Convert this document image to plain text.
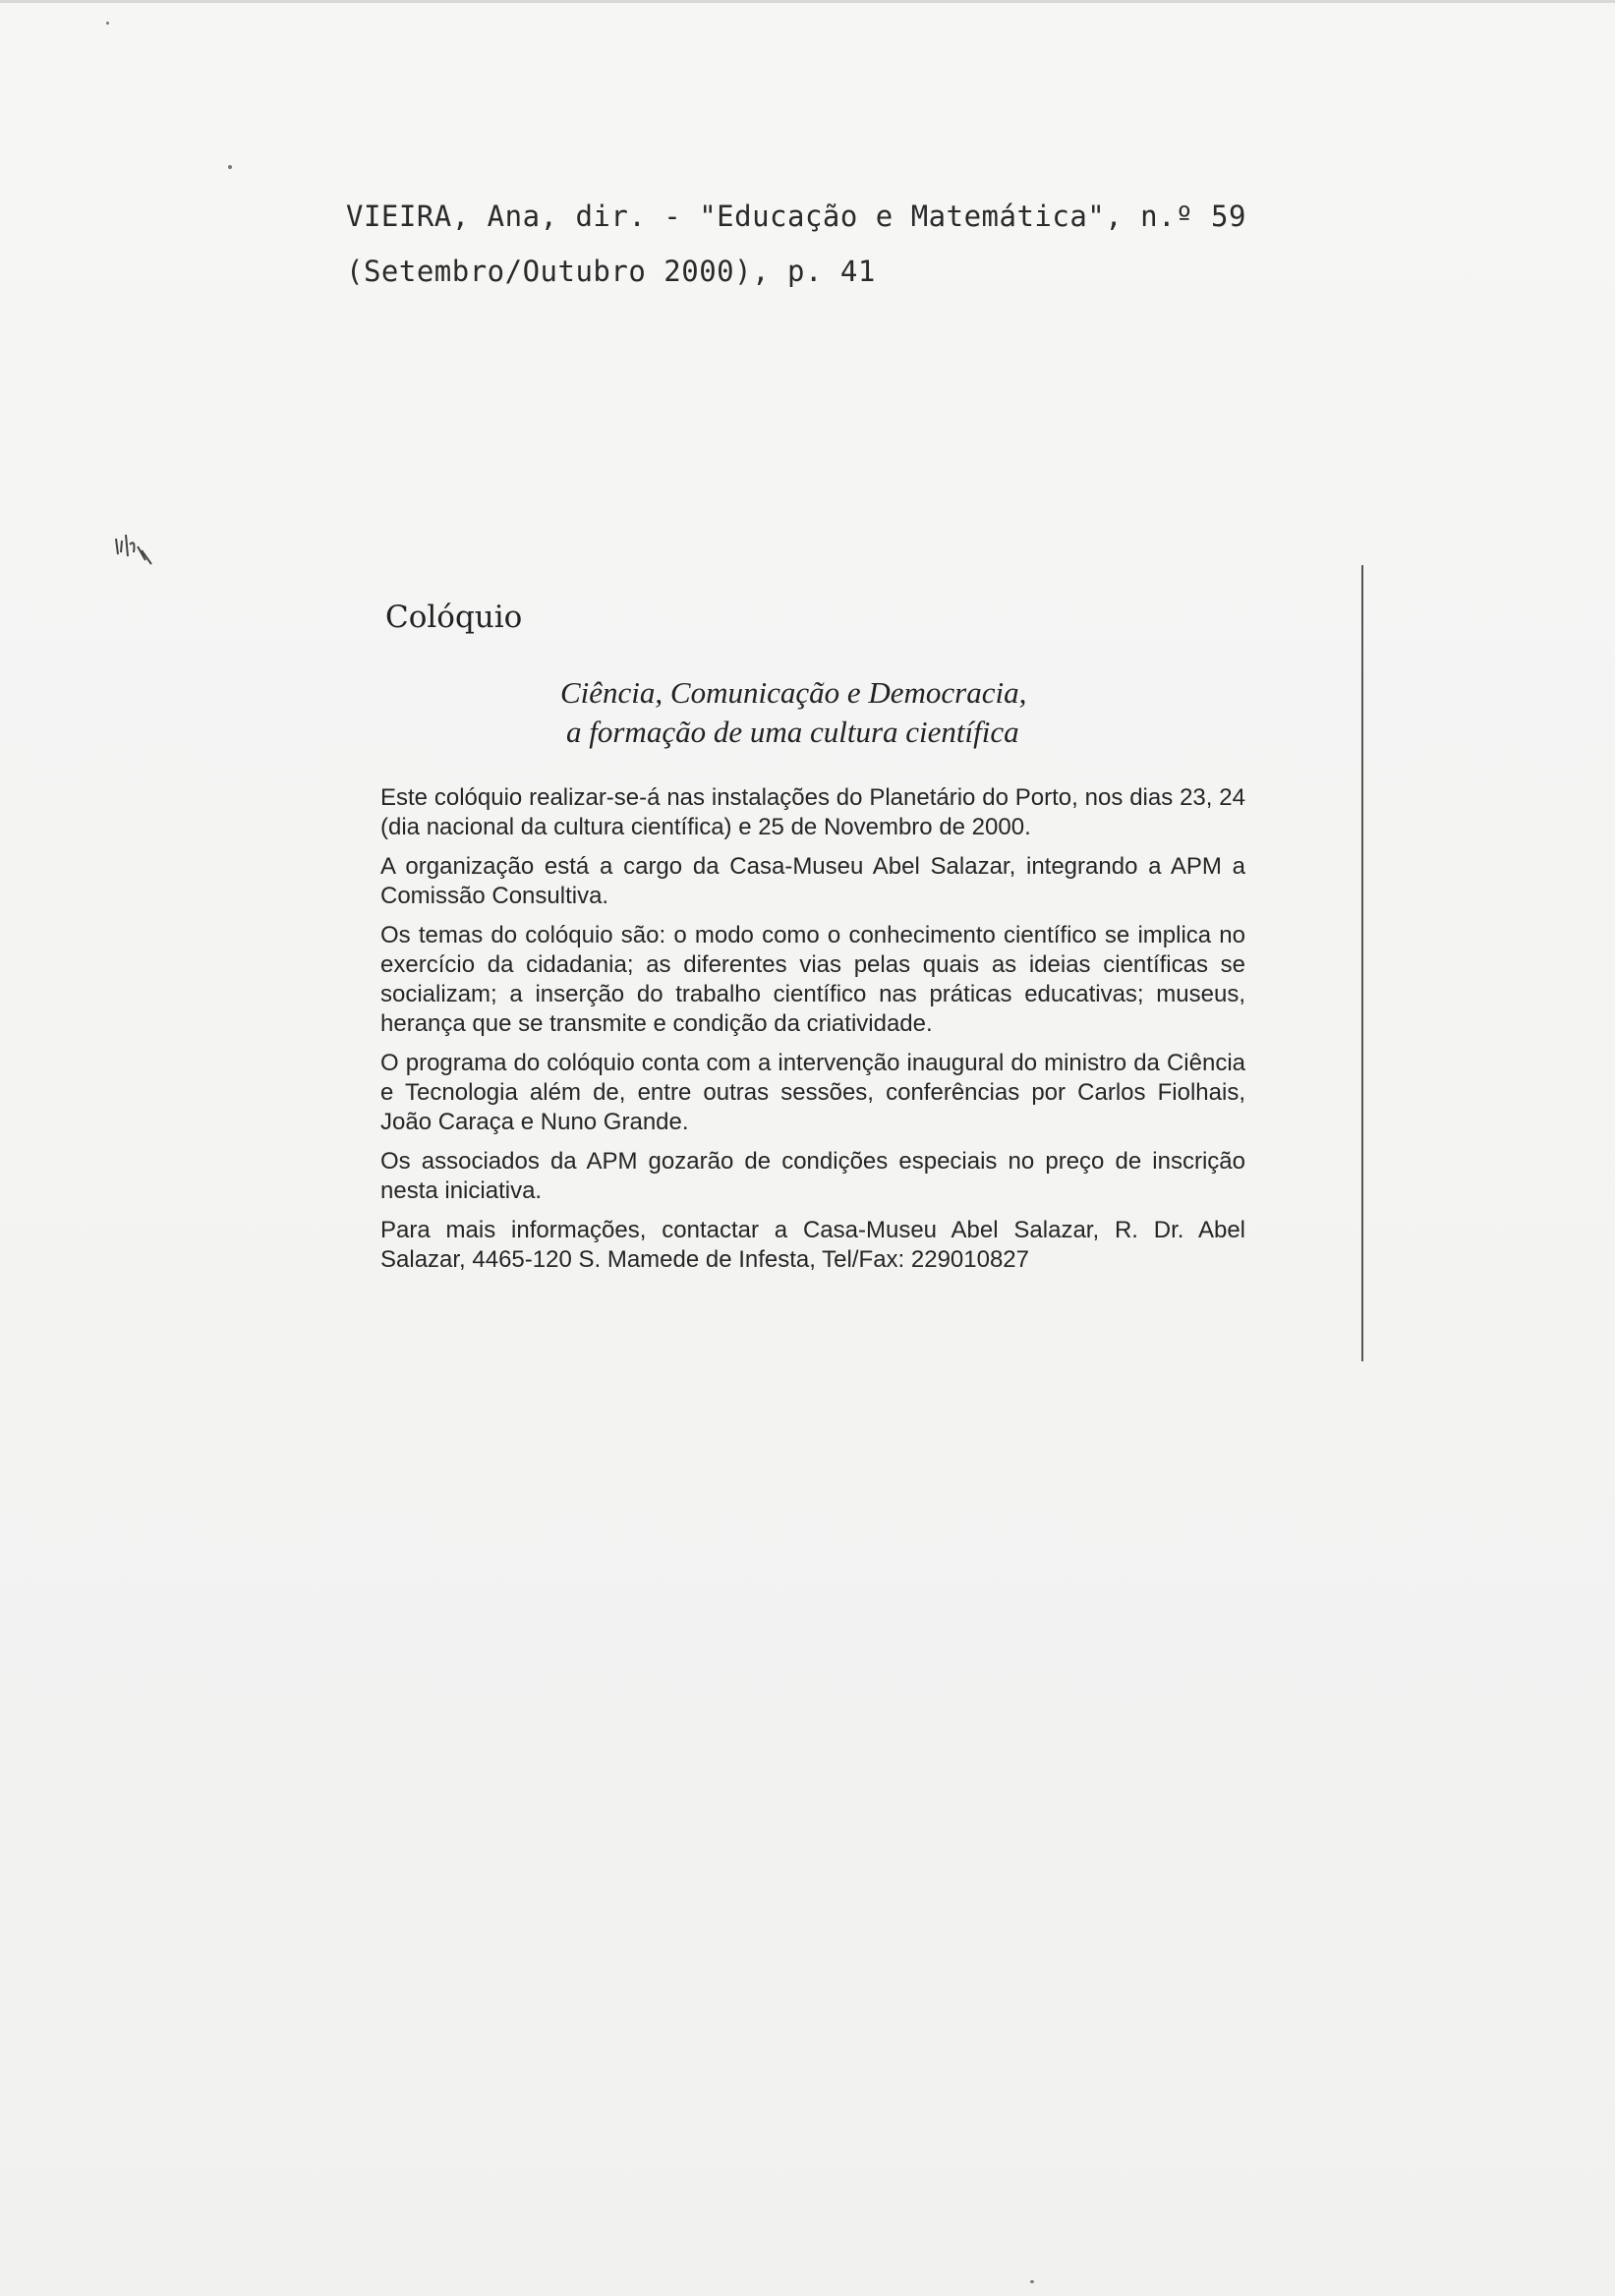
VIEIRA, Ana, dir. - "Educação e Matemática", n.º 59
(Setembro/Outubro 2000), p. 41
Colóquio
Ciência, Comunicação e Democracia,
a formação de uma cultura científica

Este colóquio realizar-se-á nas instalações do Planetário do Porto, nos dias 23, 24 (dia nacional da cultura científica) e 25 de Novembro de 2000.

A organização está a cargo da Casa-Museu Abel Salazar, integrando a APM a Comissão Consultiva.

Os temas do colóquio são: o modo como o conhecimento científico se implica no exercício da cidadania; as diferentes vias pelas quais as ideias científicas se socializam; a inserção do trabalho científico nas práticas educativas; museus, herança que se transmite e condição da criatividade.

O programa do colóquio conta com a intervenção inaugural do ministro da Ciência e Tecnologia além de, entre outras sessões, conferências por Carlos Fiolhais, João Caraça e Nuno Grande.

Os associados da APM gozarão de condições especiais no preço de inscrição nesta iniciativa.

Para mais informações, contactar a Casa-Museu Abel Salazar, R. Dr. Abel Salazar, 4465-120 S. Mamede de Infesta, Tel/Fax: 229010827
